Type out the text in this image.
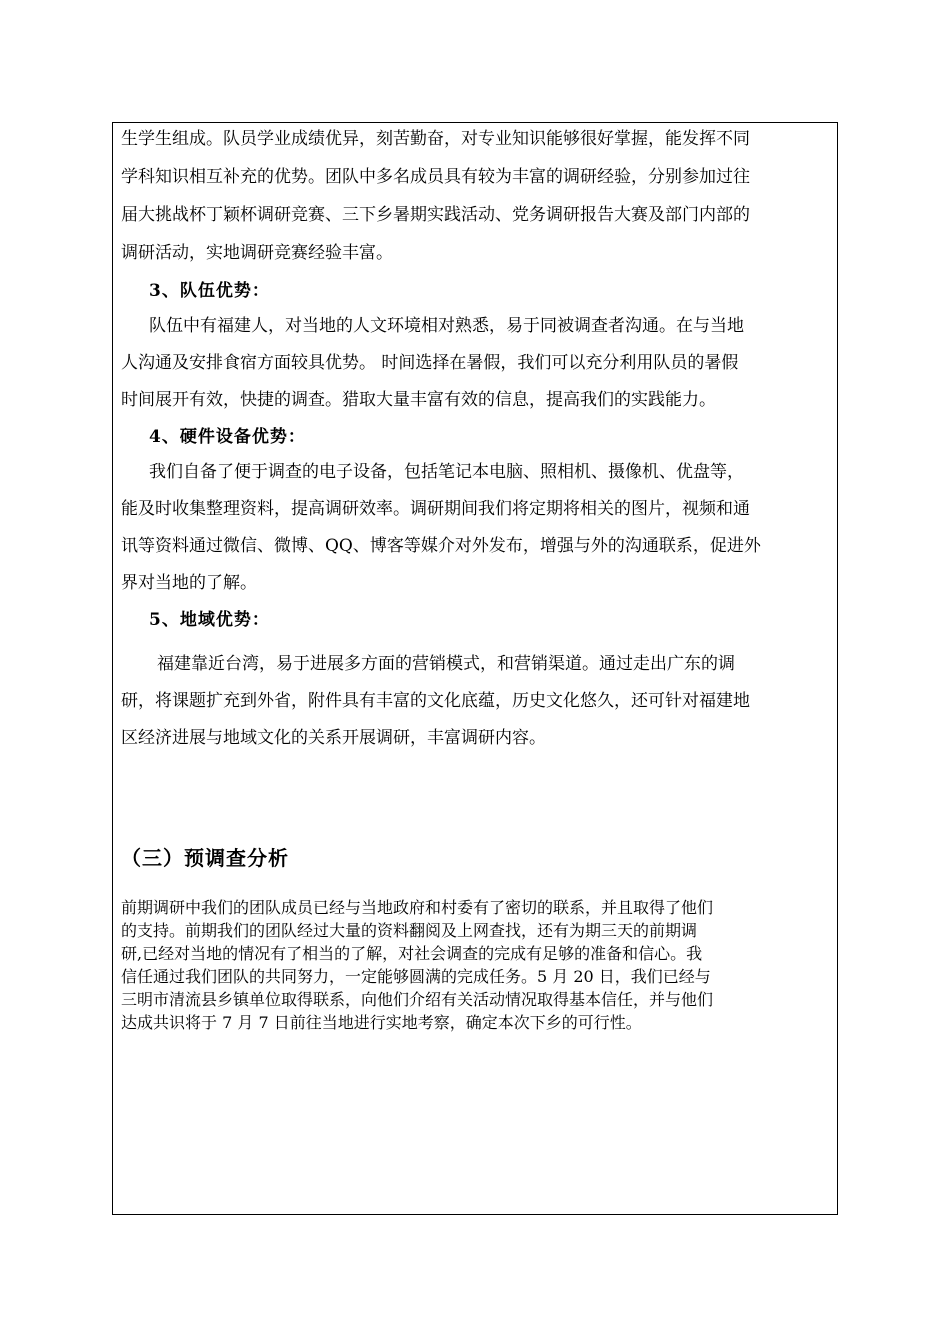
生学生组成。队员学业成绩优异，刻苦勤奋，对专业知识能够很好掌握，能发挥不同
学科知识相互补充的优势。团队中多名成员具有较为丰富的调研经验，分别参加过往
届大挑战杯丁颖杯调研竞赛、三下乡暑期实践活动、党务调研报告大赛及部门内部的
调研活动，实地调研竞赛经验丰富。
3、队伍优势：
队伍中有福建人，对当地的人文环境相对熟悉，易于同被调查者沟通。在与当地
人沟通及安排食宿方面较具优势。 时间选择在暑假，我们可以充分利用队员的暑假
时间展开有效，快捷的调查。猎取大量丰富有效的信息，提高我们的实践能力。
4、硬件设备优势：
我们自备了便于调查的电子设备，包括笔记本电脑、照相机、摄像机、优盘等，
能及时收集整理资料，提高调研效率。调研期间我们将定期将相关的图片，视频和通
讯等资料通过微信、微博、QQ、博客等媒介对外发布，增强与外的沟通联系，促进外
界对当地的了解。
5、地域优势：
福建靠近台湾，易于进展多方面的营销模式，和营销渠道。通过走出广东的调
研，将课题扩充到外省，附件具有丰富的文化底蕴，历史文化悠久，还可针对福建地
区经济进展与地域文化的关系开展调研，丰富调研内容。
（三）预调查分析
前期调研中我们的团队成员已经与当地政府和村委有了密切的联系，并且取得了他们
的支持。前期我们的团队经过大量的资料翻阅及上网查找，还有为期三天的前期调
研,已经对当地的情况有了相当的了解，对社会调查的完成有足够的准备和信心。我
信任通过我们团队的共同努力，一定能够圆满的完成任务。5 月 20 日，我们已经与
三明市清流县乡镇单位取得联系，向他们介绍有关活动情况取得基本信任，并与他们
达成共识将于 7 月 7 日前往当地进行实地考察，确定本次下乡的可行性。
